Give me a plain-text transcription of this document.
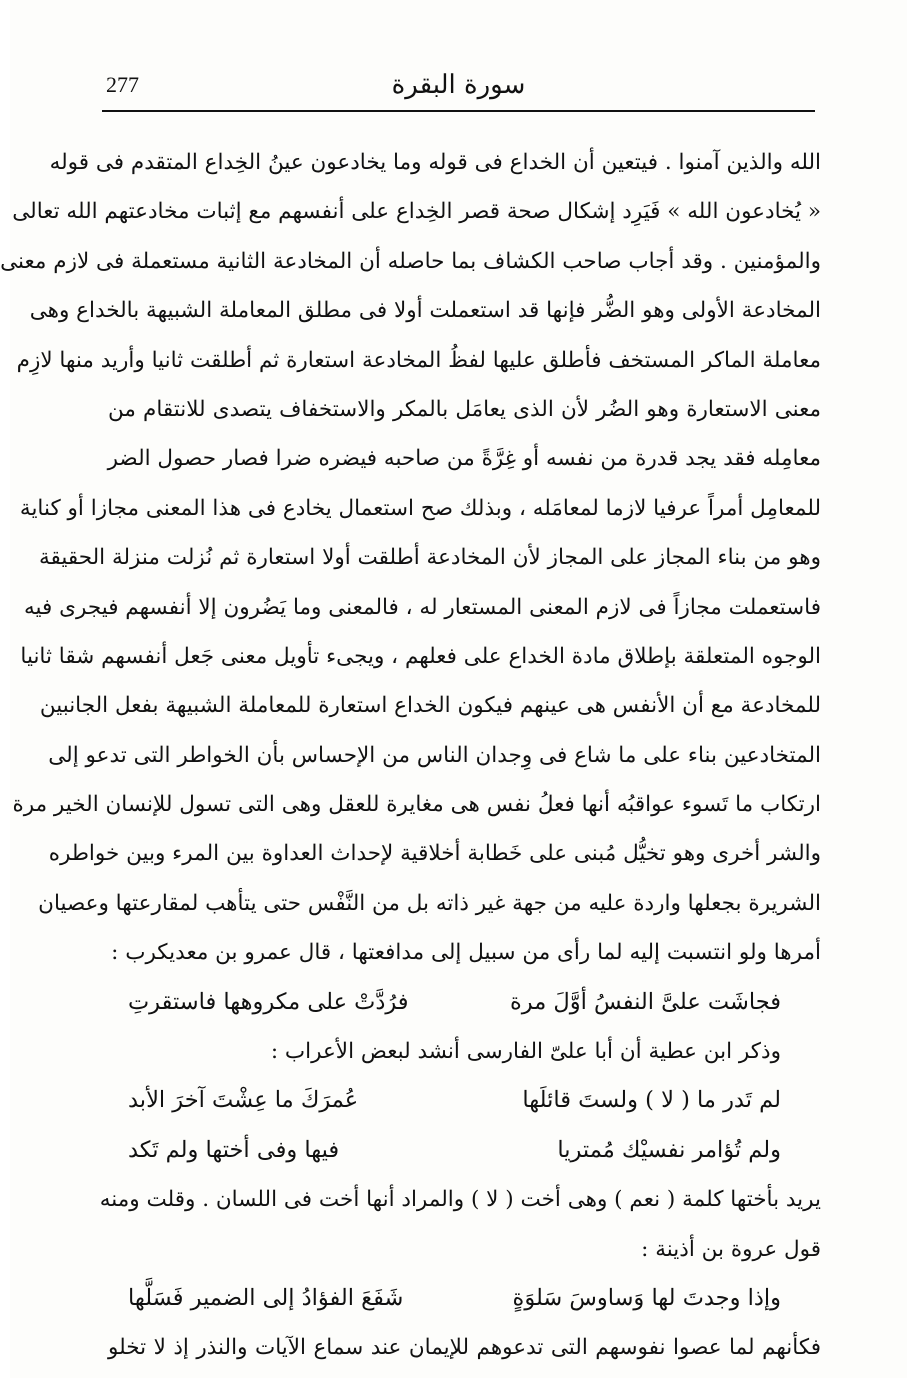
277	سورة البقرة
الله والذين آمنوا . فيتعين أن الخداع فى قوله وما يخادعون عينُ الخِداع المتقدم فى قوله
« يُخادعون الله » فَيَرِد إشكال صحة قصر الخِداع على أنفسهم مع إثبات مخادعتهم الله تعالى
والمؤمنين . وقد أجاب صاحب الكشاف بما حاصله أن المخادعة الثانية مستعملة فى لازم معنى
المخادعة الأولى وهو الضُّر فإنها قد استعملت أولا فى مطلق المعاملة الشبيهة بالخداع وهى
معاملة الماكر المستخف فأطلق عليها لفظُ المخادعة استعارة ثم أطلقت ثانيا وأريد منها لازِم
معنى الاستعارة وهو الضُر لأن الذى يعامَل بالمكر والاستخفاف يتصدى للانتقام من
معامِله فقد يجد قدرة من نفسه أو غِرَّةً من صاحبه فيضره ضرا فصار حصول الضر
للمعامِل أمراً عرفيا لازما لمعامَله ، وبذلك صح استعمال يخادع فى هذا المعنى مجازا أو كناية
وهو من بناء المجاز على المجاز لأن المخادعة أطلقت أولا استعارة ثم نُزلت منزلة الحقيقة
فاستعملت مجازاً فى لازم المعنى المستعار له ، فالمعنى وما يَضُرون إلا أنفسهم فيجرى فيه
الوجوه المتعلقة بإطلاق مادة الخداع على فعلهم ، ويجىء تأويل معنى جَعل أنفسهم شقا ثانيا
للمخادعة مع أن الأنفس هى عينهم فيكون الخداع استعارة للمعاملة الشبيهة بفعل الجانبين
المتخادعين بناء على ما شاع فى وِجدان الناس من الإحساس بأن الخواطر التى تدعو إلى
ارتكاب ما تَسوء عواقبُه أنها فعلُ نفس هى مغايرة للعقل وهى التى تسول للإنسان الخير مرة
والشر أخرى وهو تخيُّل مُبنى على خَطابة أخلاقية لإحداث العداوة بين المرء وبين خواطره
الشريرة بجعلها واردة عليه من جهة غير ذاته بل من النَّفْس حتى يتأهب لمقارعتها وعصيان
أمرها ولو انتسبت إليه لما رأى من سبيل إلى مدافعتها ، قال عمرو بن معديكرب :
فجاشَت علىَّ النفسُ أوَّلَ مرة
فرُدَّتْ على مكروهها فاستقرتِ
وذكر ابن عطية أن أبا علىّ الفارسى أنشد لبعض الأعراب :
لم تَدر ما ( لا ) ولستَ قائلَها
عُمرَكَ ما عِشْتَ آخرَ الأبد
ولم تُؤامر نفسيْك مُمتريا
فيها وفى أختها ولم تَكد
يريد بأختها كلمة ( نعم ) وهى أخت ( لا ) والمراد أنها أخت فى اللسان . وقلت ومنه
قول عروة بن أذينة :
وإذا وجدتَ لها وَساوسَ سَلوَةٍ
شَفَعَ الفؤادُ إلى الضمير فَسَلَّها
فكأنهم لما عصوا نفوسهم التى تدعوهم للإيمان عند سماع الآيات والنذر إذ لا تخلو
